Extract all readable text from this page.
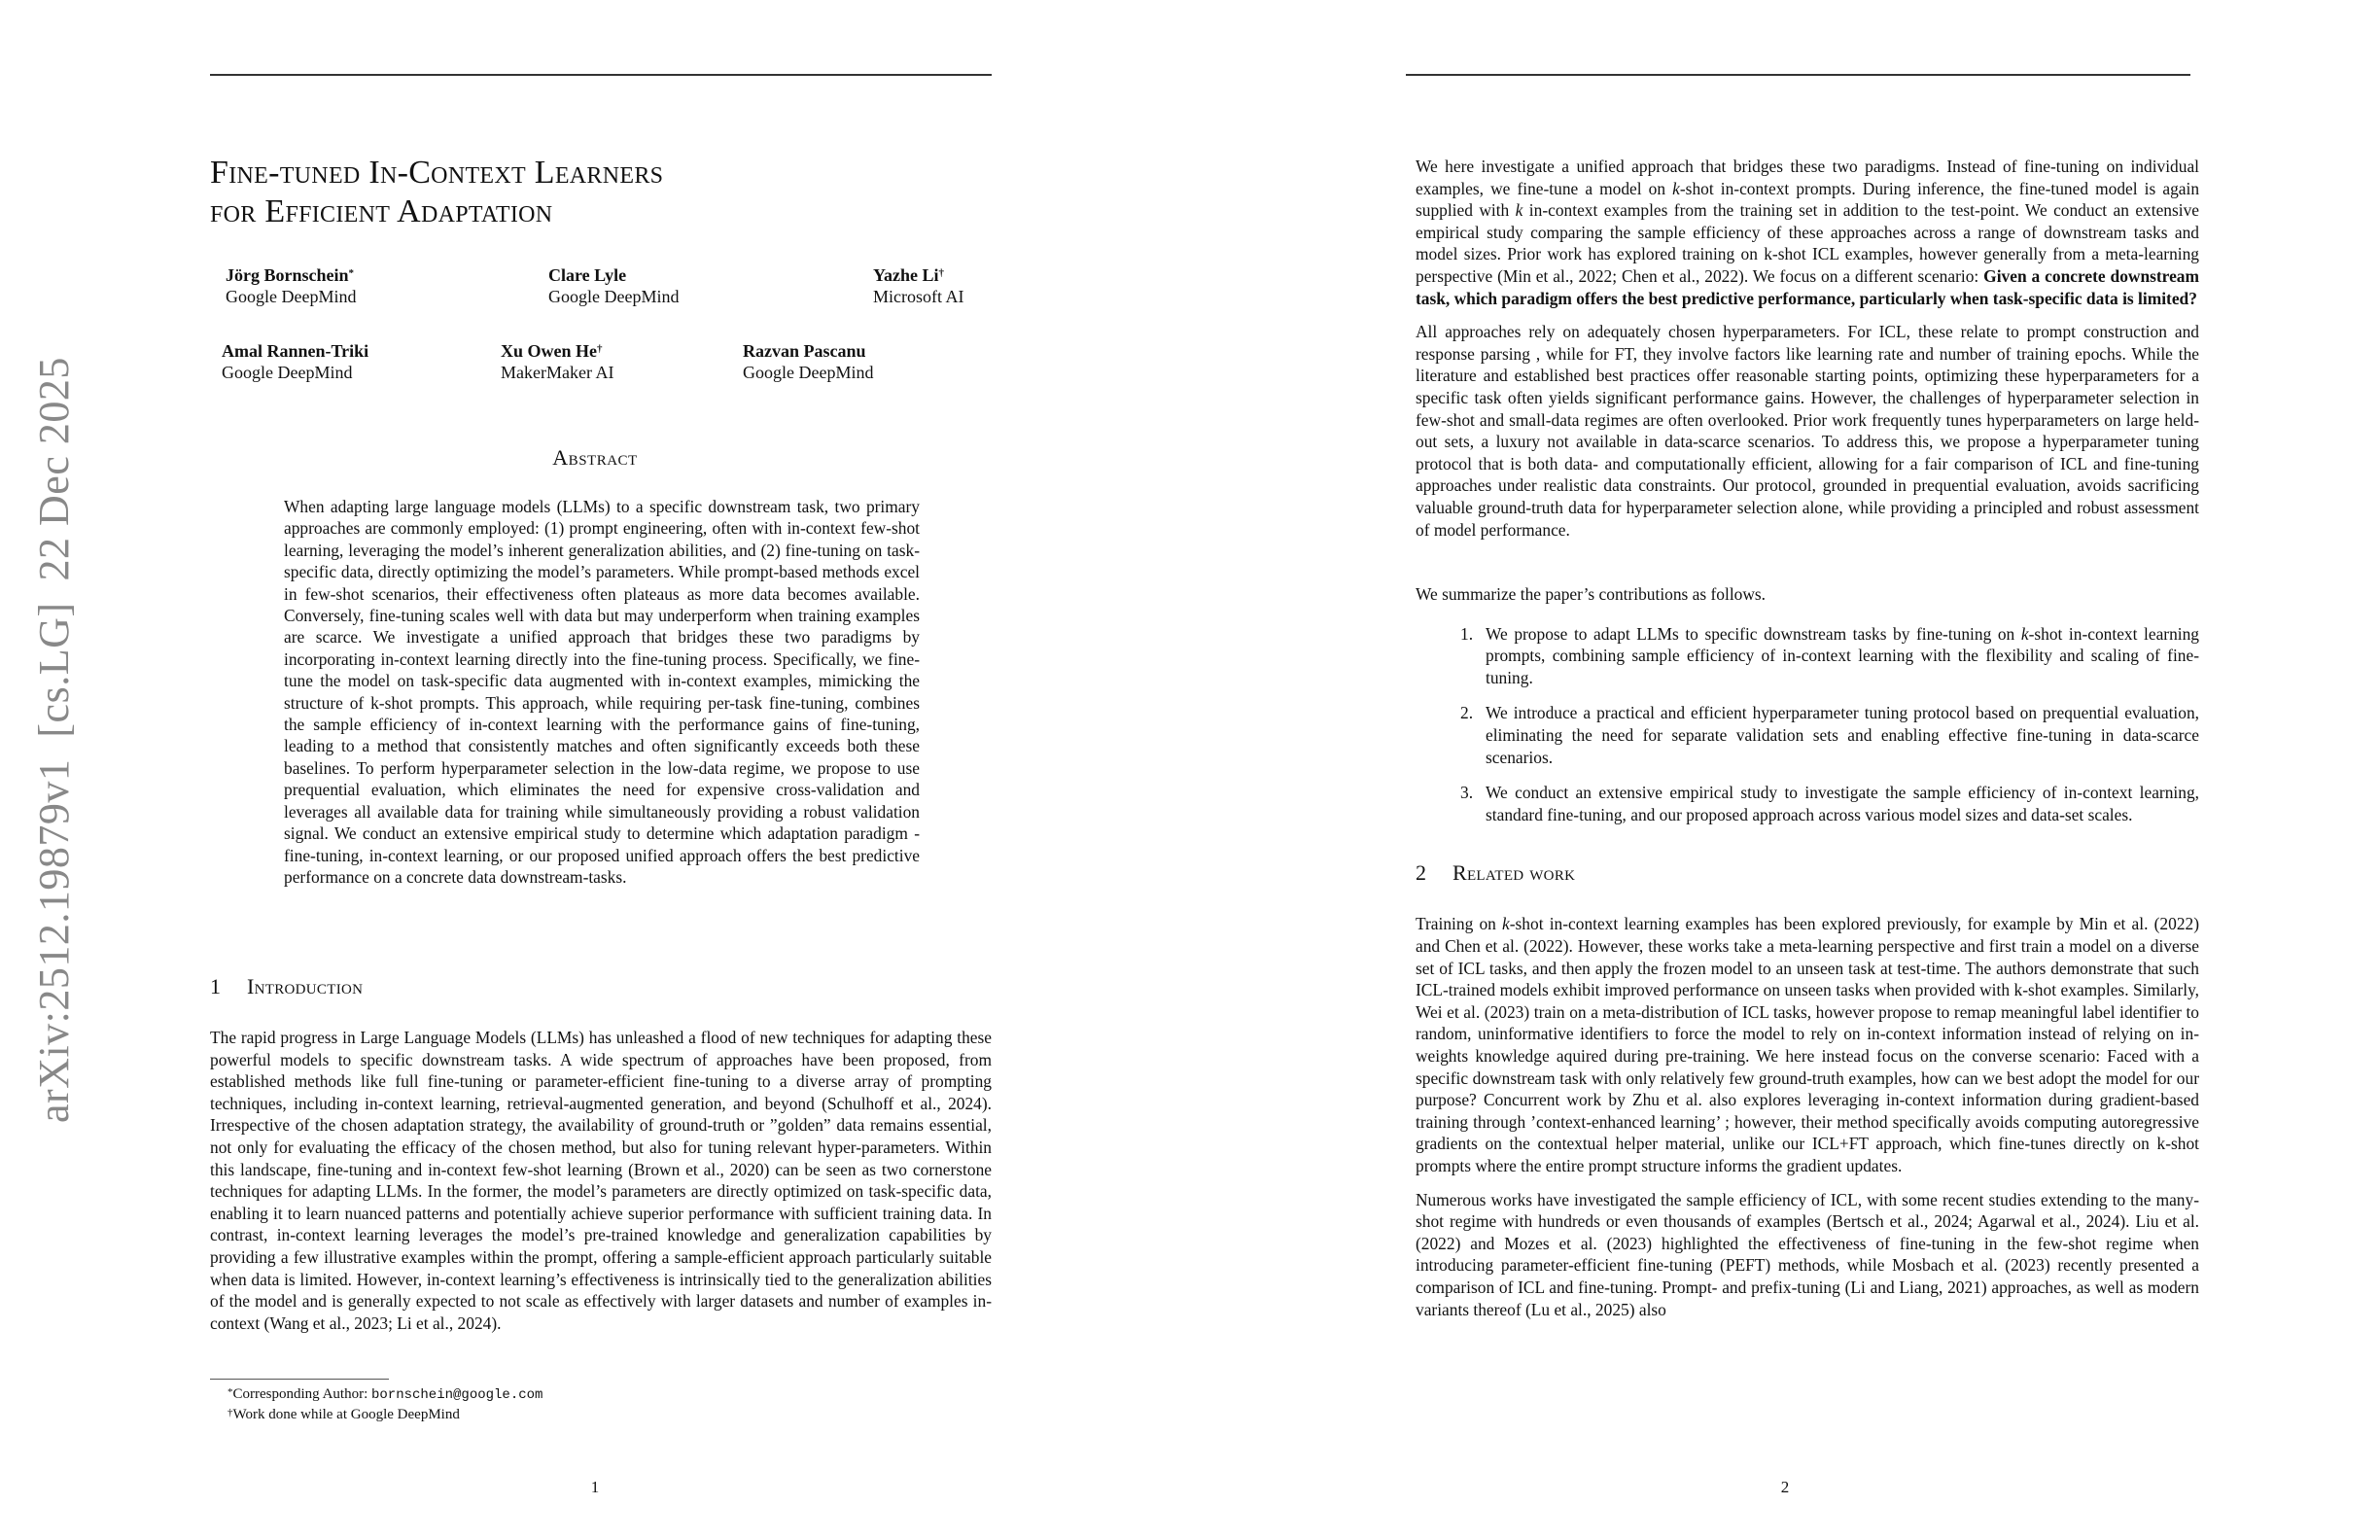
arXiv:2512.19879v1[cs.LG]22 Dec 2025
Fine-tuned In-Context Learners
for Efficient Adaptation
Jörg Bornschein*
Google DeepMind
Clare Lyle
Google DeepMind
Yazhe Li†
Microsoft AI
Amal Rannen-Triki
Google DeepMind
Xu Owen He†
MakerMaker AI
Razvan Pascanu
Google DeepMind
Abstract

When adapting large language models (LLMs) to a specific downstream task, two primary approaches are commonly employed: (1) prompt engineering, often with in-context few-shot learning, leveraging the model’s inherent generalization abilities, and (2) fine-tuning on task-specific data, directly optimizing the model’s parameters. While prompt-based methods excel in few-shot scenarios, their effectiveness often plateaus as more data becomes available. Conversely, fine-tuning scales well with data but may underperform when training examples are scarce. We investigate a unified approach that bridges these two paradigms by incorporating in-context learning directly into the fine-tuning process. Specifically, we fine-tune the model on task-specific data augmented with in-context examples, mimicking the structure of k-shot prompts. This approach, while requiring per-task fine-tuning, combines the sample efficiency of in-context learning with the performance gains of fine-tuning, leading to a method that consistently matches and often significantly exceeds both these baselines. To perform hyperparameter selection in the low-data regime, we propose to use prequential evaluation, which eliminates the need for expensive cross-validation and leverages all available data for training while simultaneously providing a robust validation signal. We conduct an extensive empirical study to determine which adaptation paradigm - fine-tuning, in-context learning, or our proposed unified approach offers the best predictive performance on a concrete data downstream-tasks.

1 Introduction

The rapid progress in Large Language Models (LLMs) has unleashed a flood of new techniques for adapting these powerful models to specific downstream tasks. A wide spectrum of approaches have been proposed, from established methods like full fine-tuning or parameter-efficient fine-tuning to a diverse array of prompting techniques, including in-context learning, retrieval-augmented generation, and beyond (Schulhoff et al., 2024). Irrespective of the chosen adaptation strategy, the availability of ground-truth or ”golden” data remains essential, not only for evaluating the efficacy of the chosen method, but also for tuning relevant hyper-parameters. Within this landscape, fine-tuning and in-context few-shot learning (Brown et al., 2020) can be seen as two cornerstone techniques for adapting LLMs. In the former, the model’s parameters are directly optimized on task-specific data, enabling it to learn nuanced patterns and potentially achieve superior performance with sufficient training data. In contrast, in-context learning leverages the model’s pre-trained knowledge and generalization capabilities by providing a few illustrative examples within the prompt, offering a sample-efficient approach particularly suitable when data is limited. However, in-context learning’s effectiveness is intrinsically tied to the generalization abilities of the model and is generally expected to not scale as effectively with larger datasets and number of examples in-context (Wang et al., 2023; Li et al., 2024).

*Corresponding Author: bornschein@google.com
†Work done while at Google DeepMind
1

We here investigate a unified approach that bridges these two paradigms. Instead of fine-tuning on individual examples, we fine-tune a model on k-shot in-context prompts. During inference, the fine-tuned model is again supplied with k in-context examples from the training set in addition to the test-point. We conduct an extensive empirical study comparing the sample efficiency of these approaches across a range of downstream tasks and model sizes. Prior work has explored training on k-shot ICL examples, however generally from a meta-learning perspective (Min et al., 2022; Chen et al., 2022). We focus on a different scenario: Given a concrete downstream task, which paradigm offers the best predictive performance, particularly when task-specific data is limited?

All approaches rely on adequately chosen hyperparameters. For ICL, these relate to prompt construction and response parsing , while for FT, they involve factors like learning rate and number of training epochs. While the literature and established best practices offer reasonable starting points, optimizing these hyperparameters for a specific task often yields significant performance gains. However, the challenges of hyperparameter selection in few-shot and small-data regimes are often overlooked. Prior work frequently tunes hyperparameters on large held-out sets, a luxury not available in data-scarce scenarios. To address this, we propose a hyperparameter tuning protocol that is both data- and computationally efficient, allowing for a fair comparison of ICL and fine-tuning approaches under realistic data constraints. Our protocol, grounded in prequential evaluation, avoids sacrificing valuable ground-truth data for hyperparameter selection alone, while providing a principled and robust assessment of model performance.

We summarize the paper’s contributions as follows.

1. We propose to adapt LLMs to specific downstream tasks by fine-tuning on k-shot in-context learning prompts, combining sample efficiency of in-context learning with the flexibility and scaling of fine-tuning.
2. We introduce a practical and efficient hyperparameter tuning protocol based on prequential evaluation, eliminating the need for separate validation sets and enabling effective fine-tuning in data-scarce scenarios.
3. We conduct an extensive empirical study to investigate the sample efficiency of in-context learning, standard fine-tuning, and our proposed approach across various model sizes and data-set scales.
2 Related work

Training on k-shot in-context learning examples has been explored previously, for example by Min et al. (2022) and Chen et al. (2022). However, these works take a meta-learning perspective and first train a model on a diverse set of ICL tasks, and then apply the frozen model to an unseen task at test-time. The authors demonstrate that such ICL-trained models exhibit improved performance on unseen tasks when provided with k-shot examples. Similarly, Wei et al. (2023) train on a meta-distribution of ICL tasks, however propose to remap meaningful label identifier to random, uninformative identifiers to force the model to rely on in-context information instead of relying on in-weights knowledge aquired during pre-training. We here instead focus on the converse scenario: Faced with a specific downstream task with only relatively few ground-truth examples, how can we best adopt the model for our purpose? Concurrent work by Zhu et al. also explores leveraging in-context information during gradient-based training through ’context-enhanced learning’ ; however, their method specifically avoids computing autoregressive gradients on the contextual helper material, unlike our ICL+FT approach, which fine-tunes directly on k-shot prompts where the entire prompt structure informs the gradient updates.

Numerous works have investigated the sample efficiency of ICL, with some recent studies extending to the many-shot regime with hundreds or even thousands of examples (Bertsch et al., 2024; Agarwal et al., 2024). Liu et al. (2022) and Mozes et al. (2023) highlighted the effectiveness of fine-tuning in the few-shot regime when introducing parameter-efficient fine-tuning (PEFT) methods, while Mosbach et al. (2023) recently presented a comparison of ICL and fine-tuning. Prompt- and prefix-tuning (Li and Liang, 2021) approaches, as well as modern variants thereof (Lu et al., 2025) also

2
